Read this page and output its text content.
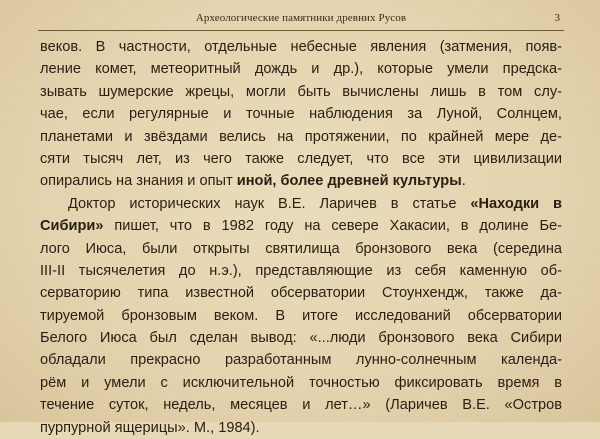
Археологические памятники древних Русов	3
веков. В частности, отдельные небесные явления (затмения, появ-
ление комет, метеоритный дождь и др.), которые умели предска-
зывать шумерские жрецы, могли быть вычислены лишь в том слу-
чае, если регулярные и точные наблюдения за Луной, Солнцем,
планетами и звёздами велись на протяжении, по крайней мере де-
сяти тысяч лет, из чего также следует, что все эти цивилизации
опирались на знания и опыт иной, более древней культуры.
Доктор исторических наук В.Е. Ларичев в статье «Находки в
Сибири» пишет, что в 1982 году на севере Хакасии, в долине Бе-
лого Июса, были открыты святилища бронзового века (середина
III-II тысячелетия до н.э.), представляющие из себя каменную об-
серваторию типа известной обсерватории Стоунхендж, также да-
тируемой бронзовым веком. В итоге исследований обсерватории
Белого Июса был сделан вывод: «...люди бронзового века Сибири
обладали прекрасно разработанным лунно-солнечным календа-
рём и умели с исключительной точностью фиксировать время в
течение суток, недель, месяцев и лет…» (Ларичев В.Е. «Остров
пурпурной ящерицы». М., 1984).
